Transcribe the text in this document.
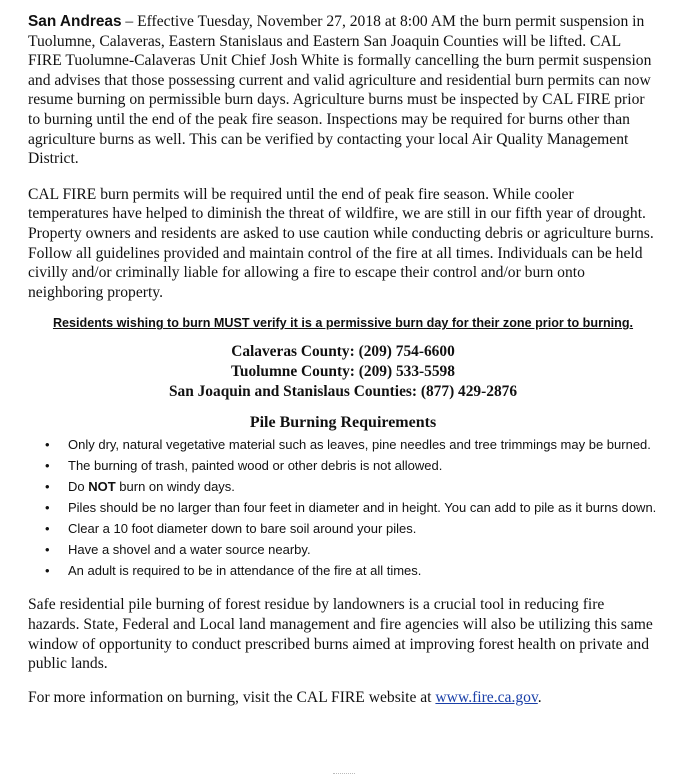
San Andreas – Effective Tuesday, November 27, 2018 at 8:00 AM the burn permit suspension in Tuolumne, Calaveras, Eastern Stanislaus and Eastern San Joaquin Counties will be lifted. CAL FIRE Tuolumne-Calaveras Unit Chief Josh White is formally cancelling the burn permit suspension and advises that those possessing current and valid agriculture and residential burn permits can now resume burning on permissible burn days. Agriculture burns must be inspected by CAL FIRE prior to burning until the end of the peak fire season. Inspections may be required for burns other than agriculture burns as well. This can be verified by contacting your local Air Quality Management District.

CAL FIRE burn permits will be required until the end of peak fire season. While cooler temperatures have helped to diminish the threat of wildfire, we are still in our fifth year of drought. Property owners and residents are asked to use caution while conducting debris or agriculture burns. Follow all guidelines provided and maintain control of the fire at all times. Individuals can be held civilly and/or criminally liable for allowing a fire to escape their control and/or burn onto neighboring property.

Residents wishing to burn MUST verify it is a permissive burn day for their zone prior to burning.
Calaveras County: (209) 754-6600
Tuolumne County: (209) 533-5598
San Joaquin and Stanislaus Counties: (877) 429-2876
Pile Burning Requirements
• Only dry, natural vegetative material such as leaves, pine needles and tree trimmings may be burned.
• The burning of trash, painted wood or other debris is not allowed.
• Do NOT burn on windy days.
• Piles should be no larger than four feet in diameter and in height. You can add to pile as it burns down.
• Clear a 10 foot diameter down to bare soil around your piles.
• Have a shovel and a water source nearby.
• An adult is required to be in attendance of the fire at all times.

Safe residential pile burning of forest residue by landowners is a crucial tool in reducing fire hazards. State, Federal and Local land management and fire agencies will also be utilizing this same window of opportunity to conduct prescribed burns aimed at improving forest health on private and public lands.

For more information on burning, visit the CAL FIRE website at www.fire.ca.gov.
